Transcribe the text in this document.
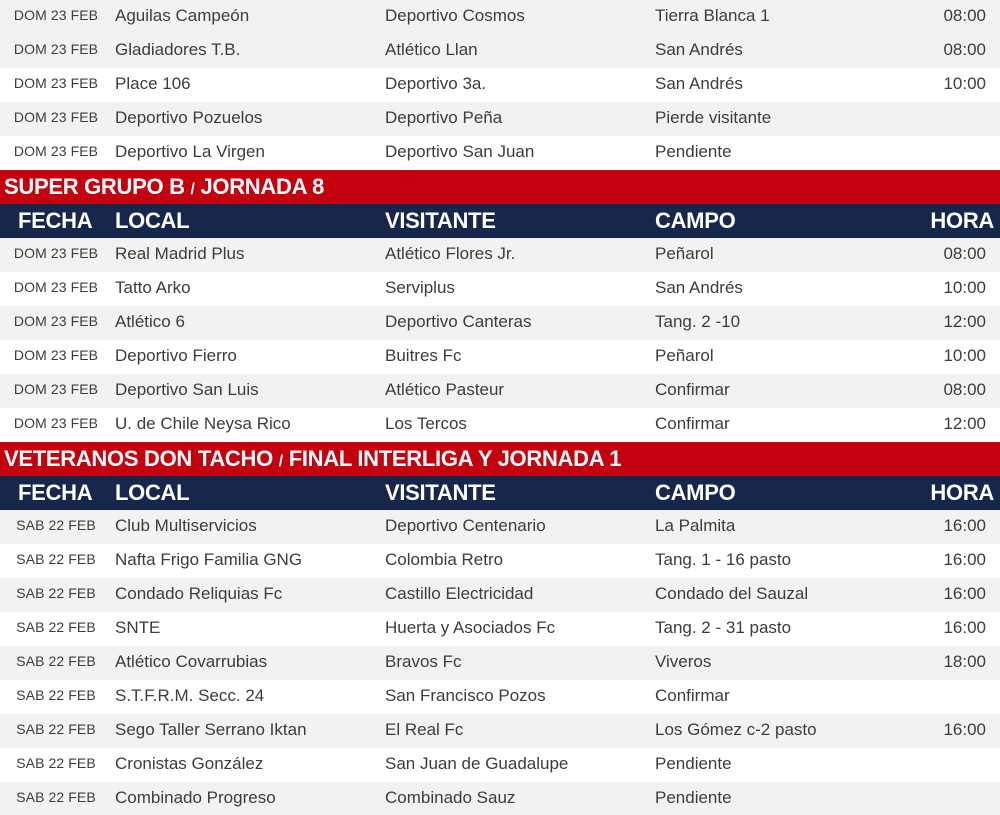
DOM 23 FEB Aguilas Campeón	Deportivo Cosmos	Tierra Blanca 1	08:00
DOM 23 FEB Gladiadores T.B.	Atlético Llan	San Andrés	08:00
DOM 23 FEB Place 106	Deportivo 3a.	San Andrés	10:00
DOM 23 FEB Deportivo Pozuelos	Deportivo Peña	Pierde visitante
DOM 23 FEB Deportivo La Virgen	Deportivo San Juan	Pendiente
SUPER GRUPO B / JORNADA 8
FECHA LOCAL	VISITANTE	CAMPO	HORA
DOM 23 FEB Real Madrid Plus	Atlético Flores Jr.	Peñarol	08:00
DOM 23 FEB Tatto Arko	Serviplus	San Andrés	10:00
DOM 23 FEB Atlético 6	Deportivo Canteras	Tang. 2 -10	12:00
DOM 23 FEB Deportivo Fierro	Buitres Fc	Peñarol	10:00
DOM 23 FEB Deportivo San Luis	Atlético Pasteur	Confirmar	08:00
DOM 23 FEB U. de Chile Neysa Rico	Los Tercos	Confirmar	12:00
VETERANOS DON TACHO / FINAL INTERLIGA Y JORNADA 1
FECHA LOCAL	VISITANTE	CAMPO	HORA
SAB 22 FEB	Club Multiservicios	Deportivo Centenario	La Palmita	16:00
SAB 22 FEB	Nafta Frigo Familia GNG	Colombia Retro	Tang. 1 - 16 pasto	16:00
SAB 22 FEB	Condado Reliquias Fc	Castillo Electricidad	Condado del Sauzal	16:00
SAB 22 FEB	SNTE	Huerta y Asociados Fc	Tang. 2 - 31 pasto	16:00
SAB 22 FEB	Atlético Covarrubias	Bravos Fc	Viveros	18:00
SAB 22 FEB	S.T.F.R.M. Secc. 24	San Francisco Pozos	Confirmar
SAB 22 FEB	Sego Taller Serrano Iktan	El Real Fc	Los Gómez c-2 pasto	16:00
SAB 22 FEB	Cronistas González	San Juan de Guadalupe	Pendiente
SAB 22 FEB	Combinado Progreso	Combinado Sauz	Pendiente
